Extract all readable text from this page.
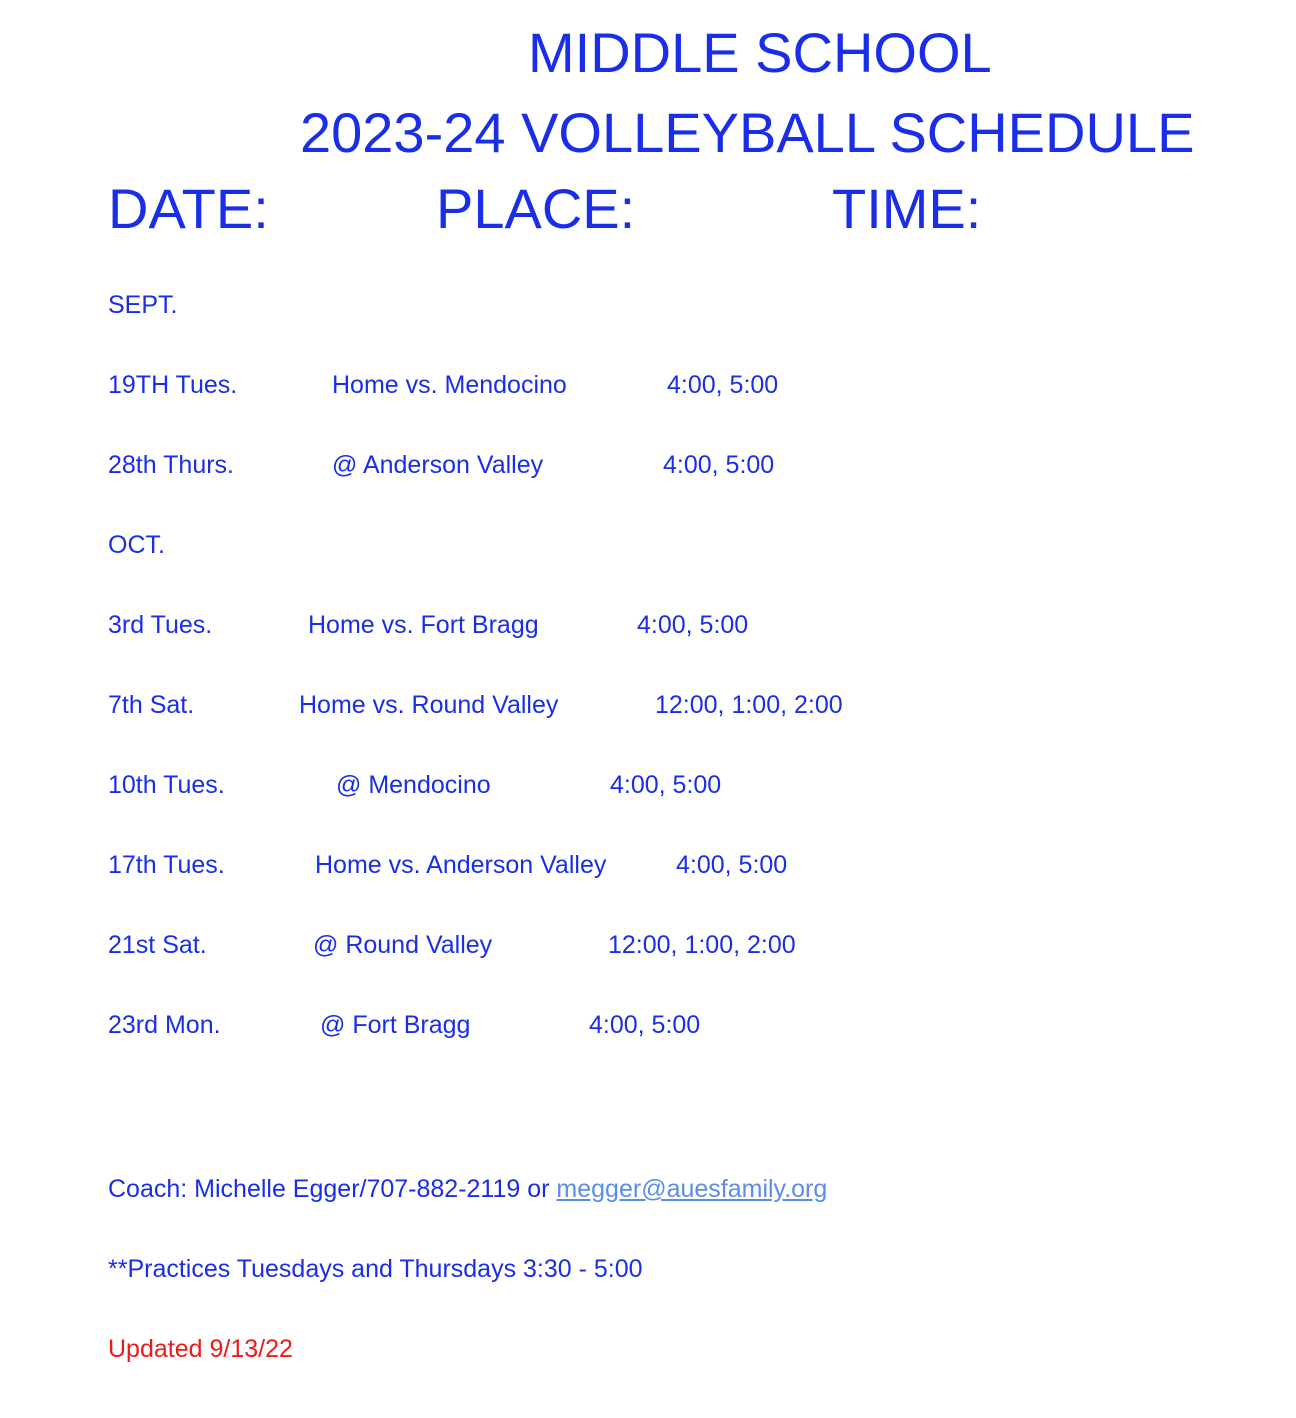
MIDDLE SCHOOL
2023-24 VOLLEYBALL SCHEDULE
DATE:	PLACE:	TIME:
SEPT.
19TH Tues.	Home vs. Mendocino	4:00, 5:00
28th Thurs.	@ Anderson Valley	4:00, 5:00
OCT.
3rd Tues.	Home vs. Fort Bragg	4:00, 5:00
7th Sat.	Home vs. Round Valley	12:00, 1:00, 2:00
10th Tues.	@ Mendocino	4:00, 5:00
17th Tues.	Home vs. Anderson Valley	4:00, 5:00
21st Sat.	@ Round Valley	12:00, 1:00, 2:00
23rd Mon.	@ Fort Bragg	4:00, 5:00
Coach: Michelle Egger/707-882-2119 or megger@auesfamily.org
**Practices Tuesdays and Thursdays 3:30 - 5:00
Updated 9/13/22
